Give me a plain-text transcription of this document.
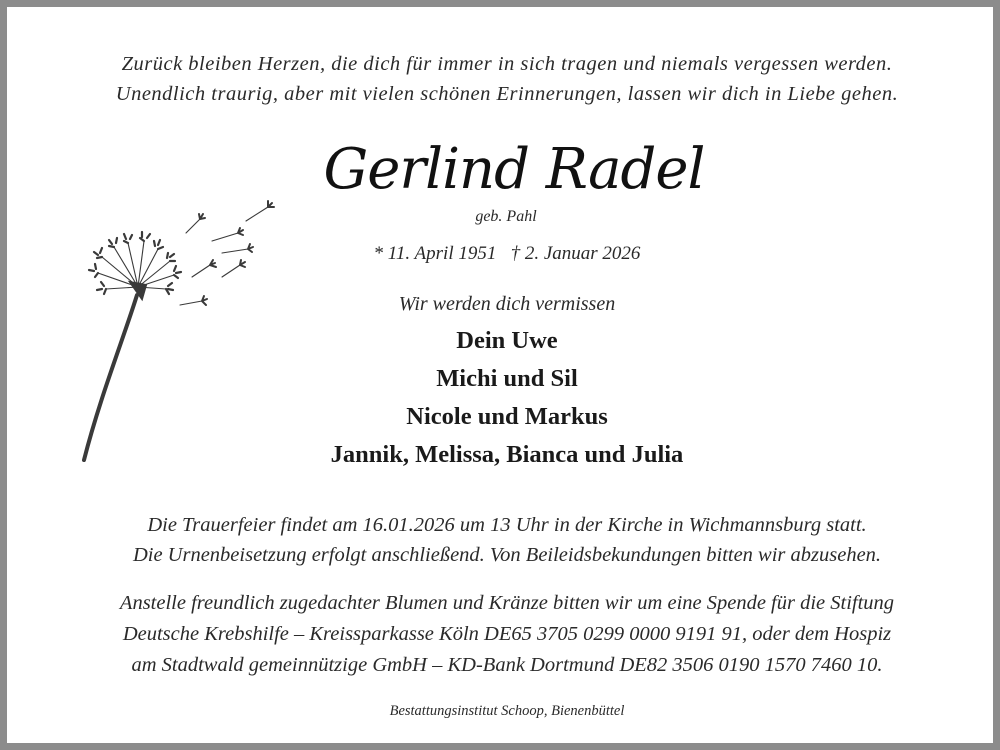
Zurück bleiben Herzen, die dich für immer in sich tragen und niemals vergessen werden.
Unendlich traurig, aber mit vielen schönen Erinnerungen, lassen wir dich in Liebe gehen.
Gerlind Radel
geb. Pahl
* 11. April 1951 † 2. Januar 2026
Wir werden dich vermissen
Dein Uwe
Michi und Sil
Nicole und Markus
Jannik, Melissa, Bianca und Julia
Die Trauerfeier findet am 16.01.2026 um 13 Uhr in der Kirche in Wichmannsburg statt.
Die Urnenbeisetzung erfolgt anschließend. Von Beileidsbekundungen bitten wir abzusehen.
Anstelle freundlich zugedachter Blumen und Kränze bitten wir um eine Spende für die Stiftung
Deutsche Krebshilfe – Kreissparkasse Köln DE65 3705 0299 0000 9191 91, oder dem Hospiz
am Stadtwald gemeinnützige GmbH – KD-Bank Dortmund DE82 3506 0190 1570 7460 10.
Bestattungsinstitut Schoop, Bienenbüttel
